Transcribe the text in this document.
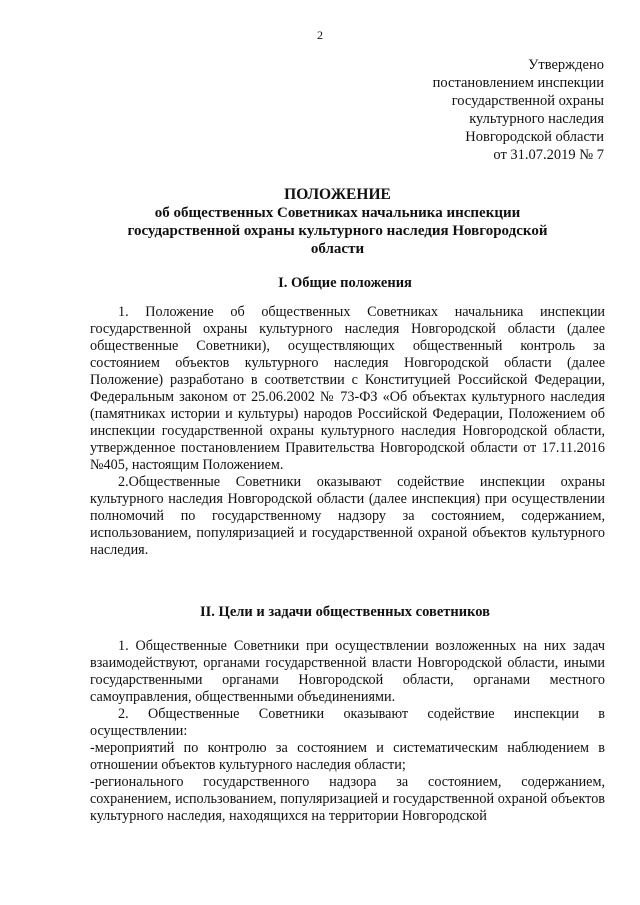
2
Утверждено
постановлением инспекции
государственной охраны
культурного наследия
Новгородской области
от 31.07.2019 № 7
ПОЛОЖЕНИЕ
об общественных Советниках начальника инспекции
государственной охраны культурного наследия Новгородской
области
I. Общие положения

1. Положение об общественных Советниках начальника инспекции государственной охраны культурного наследия Новгородской области (далее общественные Советники), осуществляющих общественный контроль за состоянием объектов культурного наследия Новгородской области (далее Положение) разработано в соответствии с Конституцией Российской Федерации, Федеральным законом от 25.06.2002 № 73-ФЗ «Об объектах культурного наследия (памятниках истории и культуры) народов Российской Федерации, Положением об инспекции государственной охраны культурного наследия Новгородской области, утвержденное постановлением Правительства Новгородской области от 17.11.2016 №405, настоящим Положением.

2.Общественные Советники оказывают содействие инспекции охраны культурного наследия Новгородской области (далее инспекция) при осуществлении полномочий по государственному надзору за состоянием, содержанием, использованием, популяризацией и государственной охраной объектов культурного наследия.

II. Цели и задачи общественных советников

1. Общественные Советники при осуществлении возложенных на них задач взаимодействуют, органами государственной власти Новгородской области, иными государственными органами Новгородской области, органами местного самоуправления, общественными объединениями.

2. Общественные Советники оказывают содействие инспекции в осуществлении:

-мероприятий по контролю за состоянием и систематическим наблюдением в отношении объектов культурного наследия области;

-регионального государственного надзора за состоянием, содержанием, сохранением, использованием, популяризацией и государственной охраной объектов культурного наследия, находящихся на территории Новгородской
